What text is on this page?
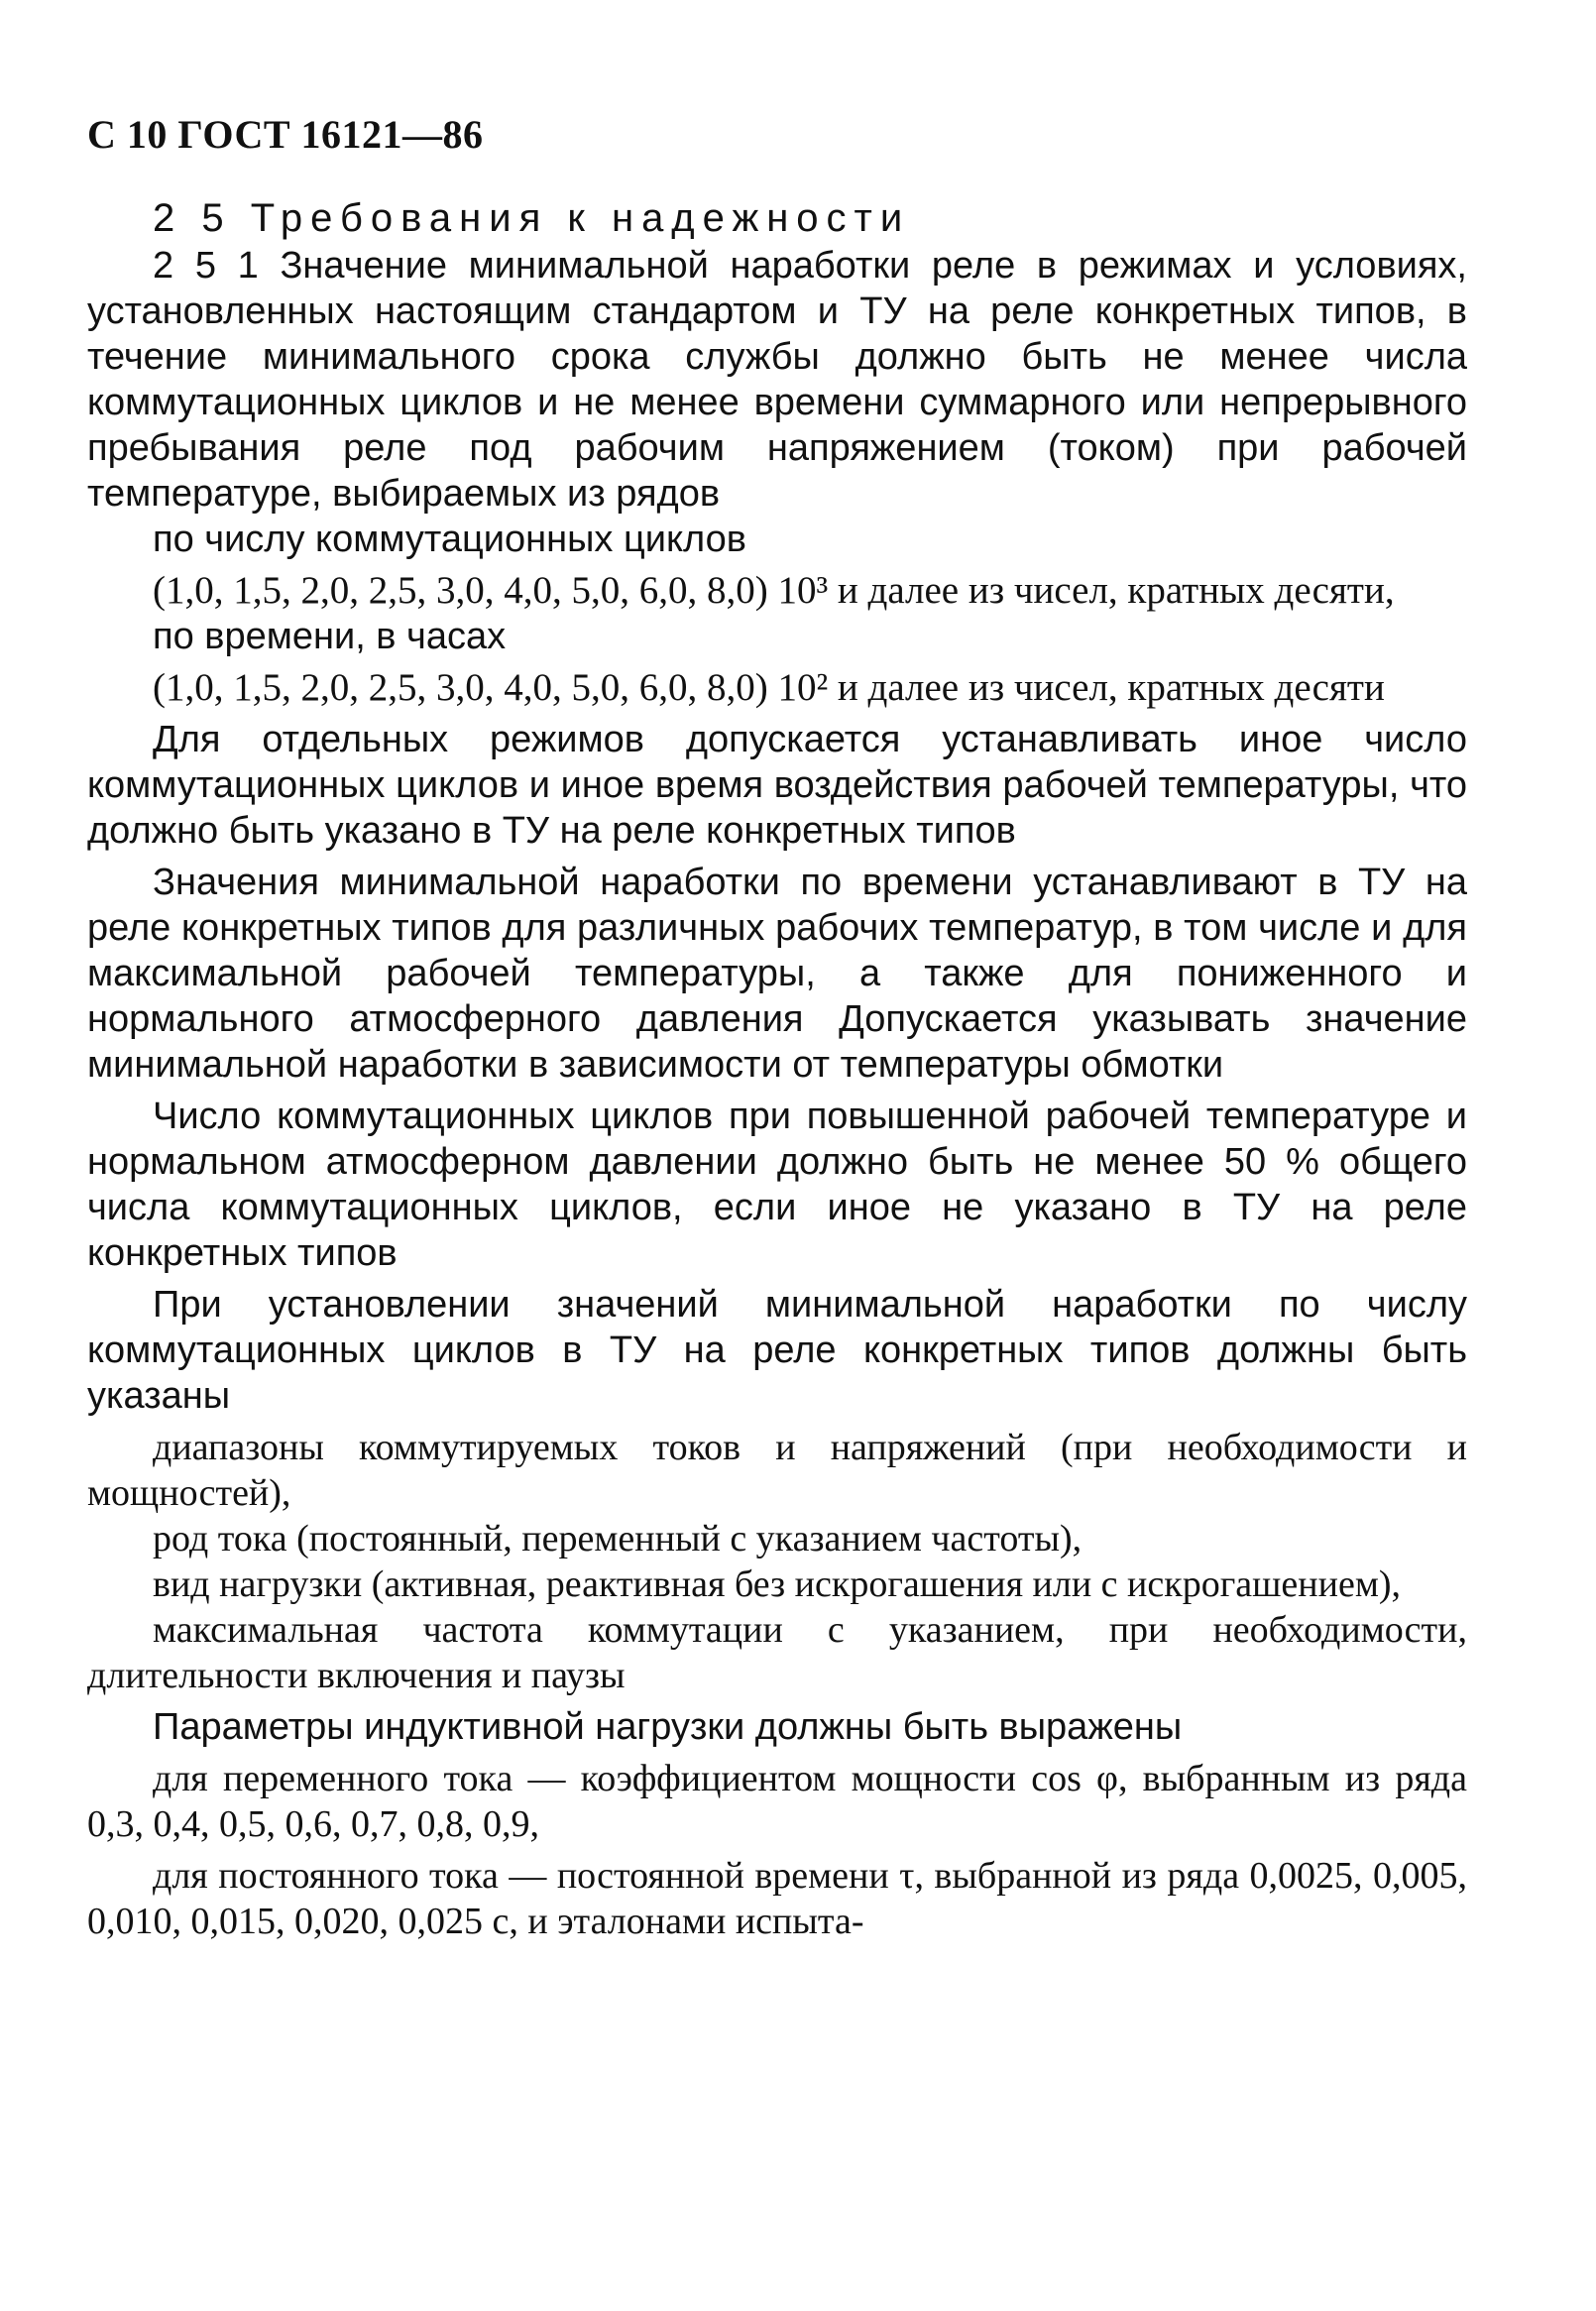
С 10 ГОСТ 16121—86

2 5 Требования к надежности

2 5 1 Значение минимальной наработки реле в режимах и условиях, установленных настоящим стандартом и ТУ на реле конкретных типов, в течение минимального срока службы должно быть не менее числа коммутационных циклов и не менее времени суммарного или непрерывного пребывания реле под рабочим напряжением (током) при рабочей температуре, выбираемых из рядов

по числу коммутационных циклов

(1,0, 1,5, 2,0, 2,5, 3,0, 4,0, 5,0, 6,0, 8,0) 10³ и далее из чисел, кратных десяти,

по времени, в часах

(1,0, 1,5, 2,0, 2,5, 3,0, 4,0, 5,0, 6,0, 8,0) 10² и далее из чисел, кратных десяти

Для отдельных режимов допускается устанавливать иное число коммутационных циклов и иное время воздействия рабочей температуры, что должно быть указано в ТУ на реле конкретных типов

Значения минимальной наработки по времени устанавливают в ТУ на реле конкретных типов для различных рабочих температур, в том числе и для максимальной рабочей температуры, а также для пониженного и нормального атмосферного давления Допускается указывать значение минимальной наработки в зависимости от температуры обмотки

Число коммутационных циклов при повышенной рабочей температуре и нормальном атмосферном давлении должно быть не менее 50 % общего числа коммутационных циклов, если иное не указано в ТУ на реле конкретных типов

При установлении значений минимальной наработки по числу коммутационных циклов в ТУ на реле конкретных типов должны быть указаны

диапазоны коммутируемых токов и напряжений (при необходимости и мощностей),

род тока (постоянный, переменный с указанием частоты),

вид нагрузки (активная, реактивная без искрогашения или с искрогашением),

максимальная частота коммутации с указанием, при необходимости, длительности включения и паузы

Параметры индуктивной нагрузки должны быть выражены

для переменного тока — коэффициентом мощности cos φ, выбранным из ряда 0,3, 0,4, 0,5, 0,6, 0,7, 0,8, 0,9,

для постоянного тока — постоянной времени τ, выбранной из ряда 0,0025, 0,005, 0,010, 0,015, 0,020, 0,025 с, и эталонами испыта-
